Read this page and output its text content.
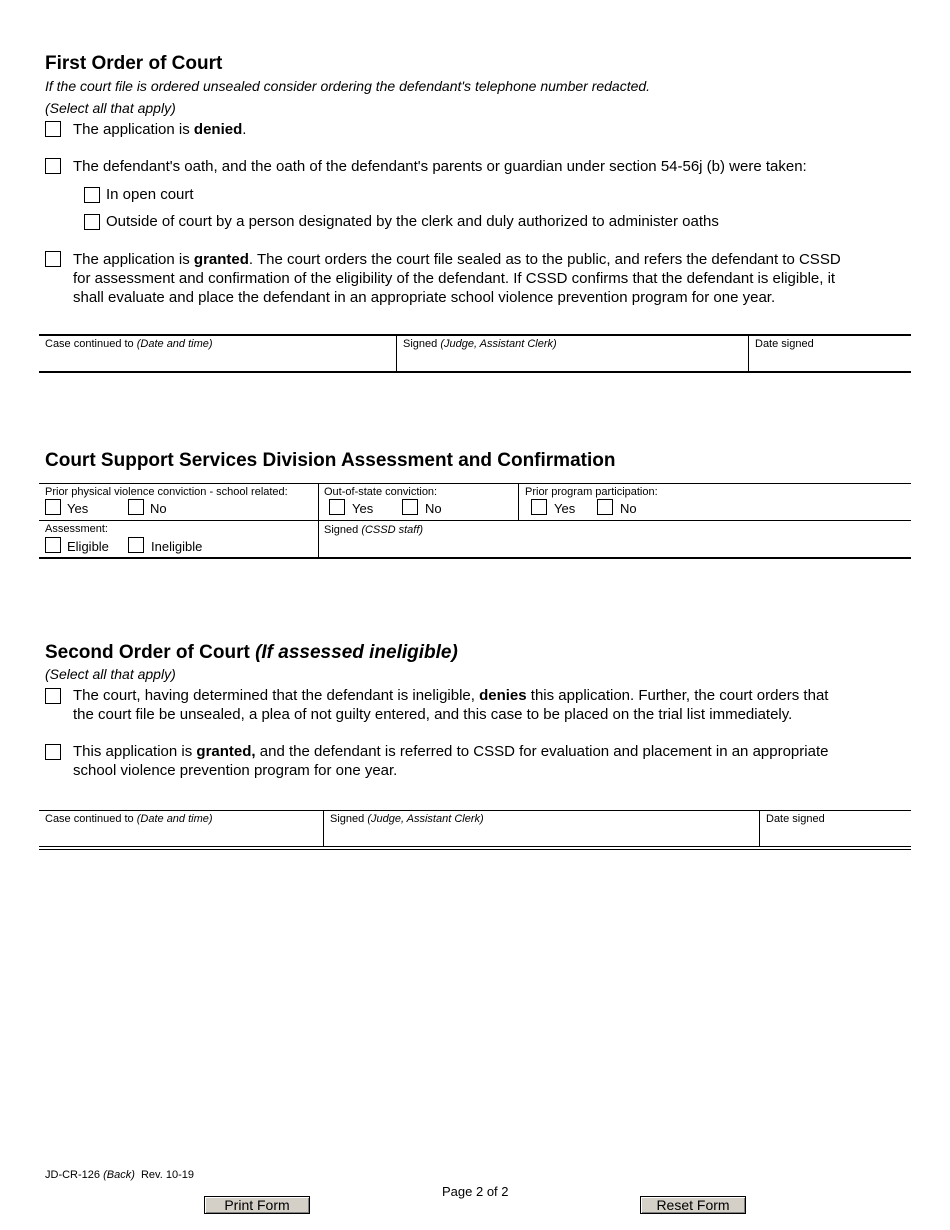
First Order of Court
If the court file is ordered unsealed consider ordering the defendant's telephone number redacted.
(Select all that apply)
The application is denied.
The defendant's oath, and the oath of the defendant's parents or guardian under section 54-56j (b) were taken:
In open court
Outside of court by a person designated by the clerk and duly authorized to administer oaths
The application is granted. The court orders the court file sealed as to the public, and refers the defendant to CSSD
for assessment and confirmation of the eligibility of the defendant. If CSSD confirms that the defendant is eligible, it
shall evaluate and place the defendant in an appropriate school violence prevention program for one year.
Case continued to (Date and time)	Signed (Judge, Assistant Clerk)	Date signed
Court Support Services Division Assessment and Confirmation
Prior physical violence conviction - school related:
Yes	No
Out-of-state conviction:
Yes	No
Prior program participation:
Yes	No
Assessment:
Eligible	Ineligible
Signed (CSSD staff)
Second Order of Court (If assessed ineligible)
(Select all that apply)
The court, having determined that the defendant is ineligible, denies this application. Further, the court orders that
the court file be unsealed, a plea of not guilty entered, and this case to be placed on the trial list immediately.
This application is granted, and the defendant is referred to CSSD for evaluation and placement in an appropriate
school violence prevention program for one year.
Case continued to (Date and time)	Signed (Judge, Assistant Clerk)	Date signed
JD-CR-126 (Back)  Rev. 10-19
Page 2 of 2
Print Form	Reset Form
